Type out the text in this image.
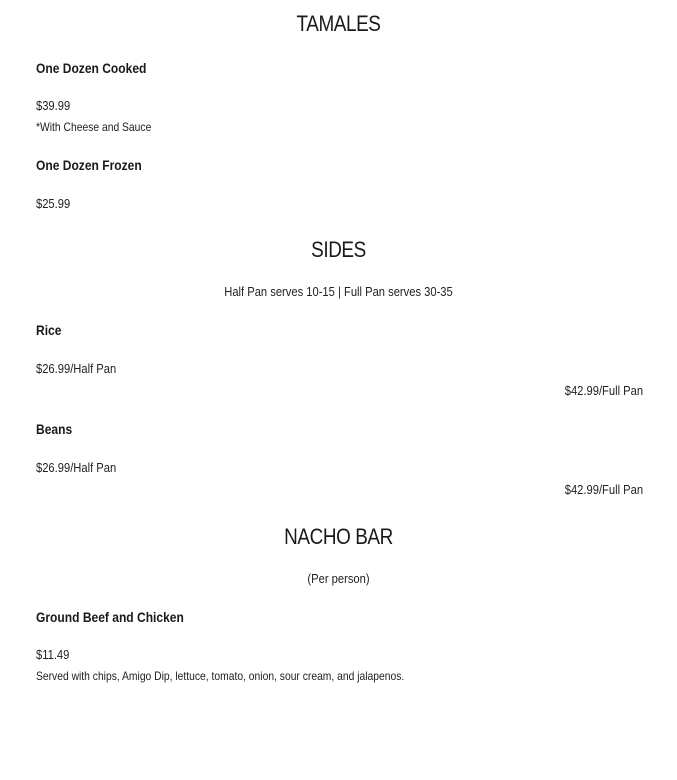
TAMALES
One Dozen Cooked
$39.99
*With Cheese and Sauce
One Dozen Frozen
$25.99
SIDES
Half Pan serves 10-15 | Full Pan serves 30-35
Rice
$26.99/Half Pan
$42.99/Full Pan
Beans
$26.99/Half Pan
$42.99/Full Pan
NACHO BAR
(Per person)
Ground Beef and Chicken
$11.49
Served with chips, Amigo Dip, lettuce, tomato, onion, sour cream, and jalapenos.
